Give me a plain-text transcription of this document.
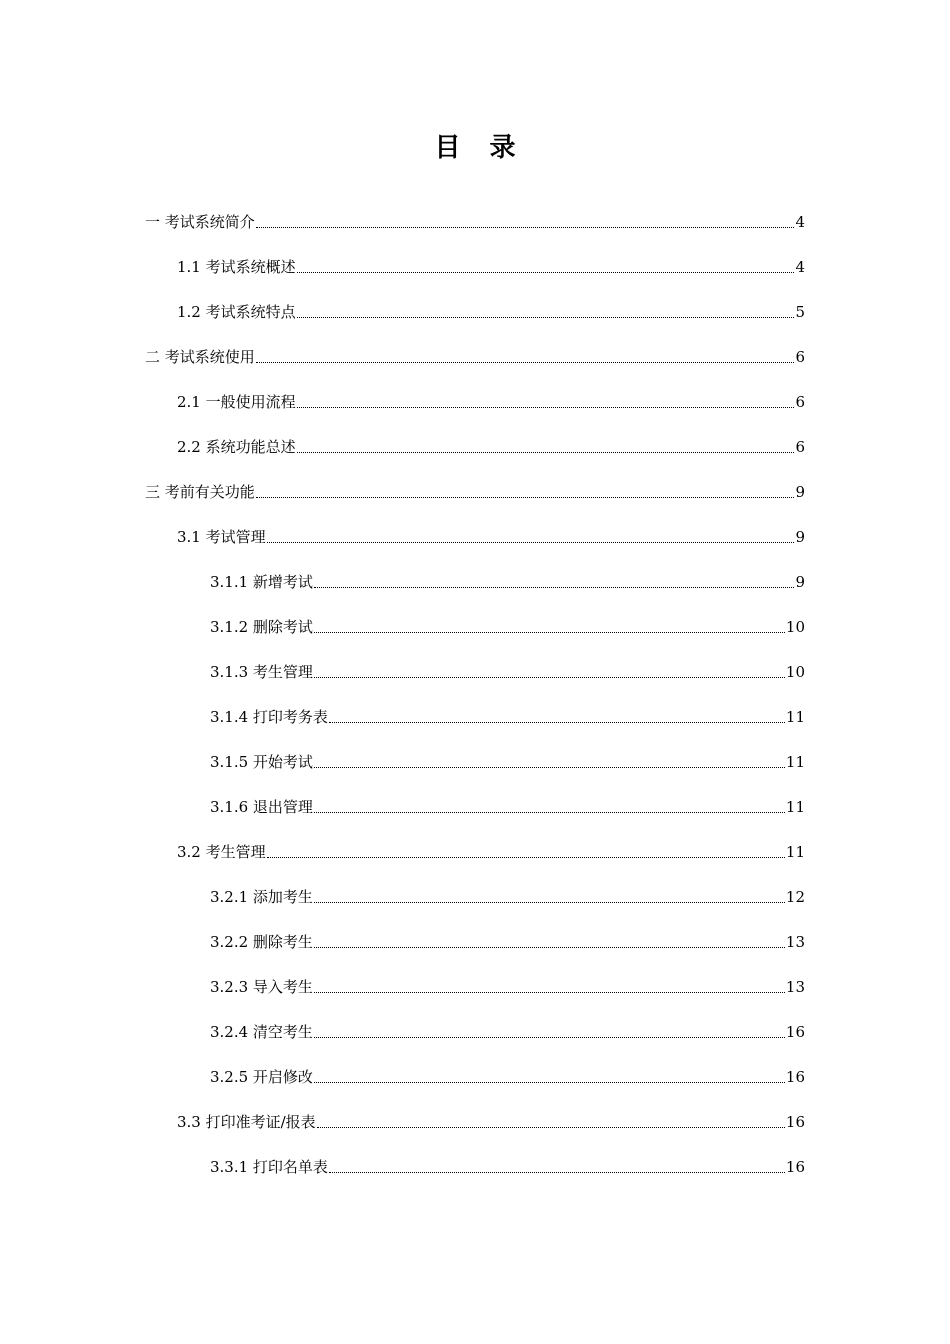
目 录
一 考试系统简介	4
1.1 考试系统概述	4
1.2 考试系统特点	5
二 考试系统使用	6
2.1 一般使用流程	6
2.2 系统功能总述	6
三 考前有关功能	9
3.1 考试管理	9
3.1.1 新增考试	9
3.1.2 删除考试	10
3.1.3 考生管理	10
3.1.4 打印考务表	11
3.1.5 开始考试	11
3.1.6 退出管理	11
3.2 考生管理	11
3.2.1 添加考生	12
3.2.2 删除考生	13
3.2.3 导入考生	13
3.2.4 清空考生	16
3.2.5 开启修改	16
3.3 打印准考证/报表	16
3.3.1 打印名单表	16
